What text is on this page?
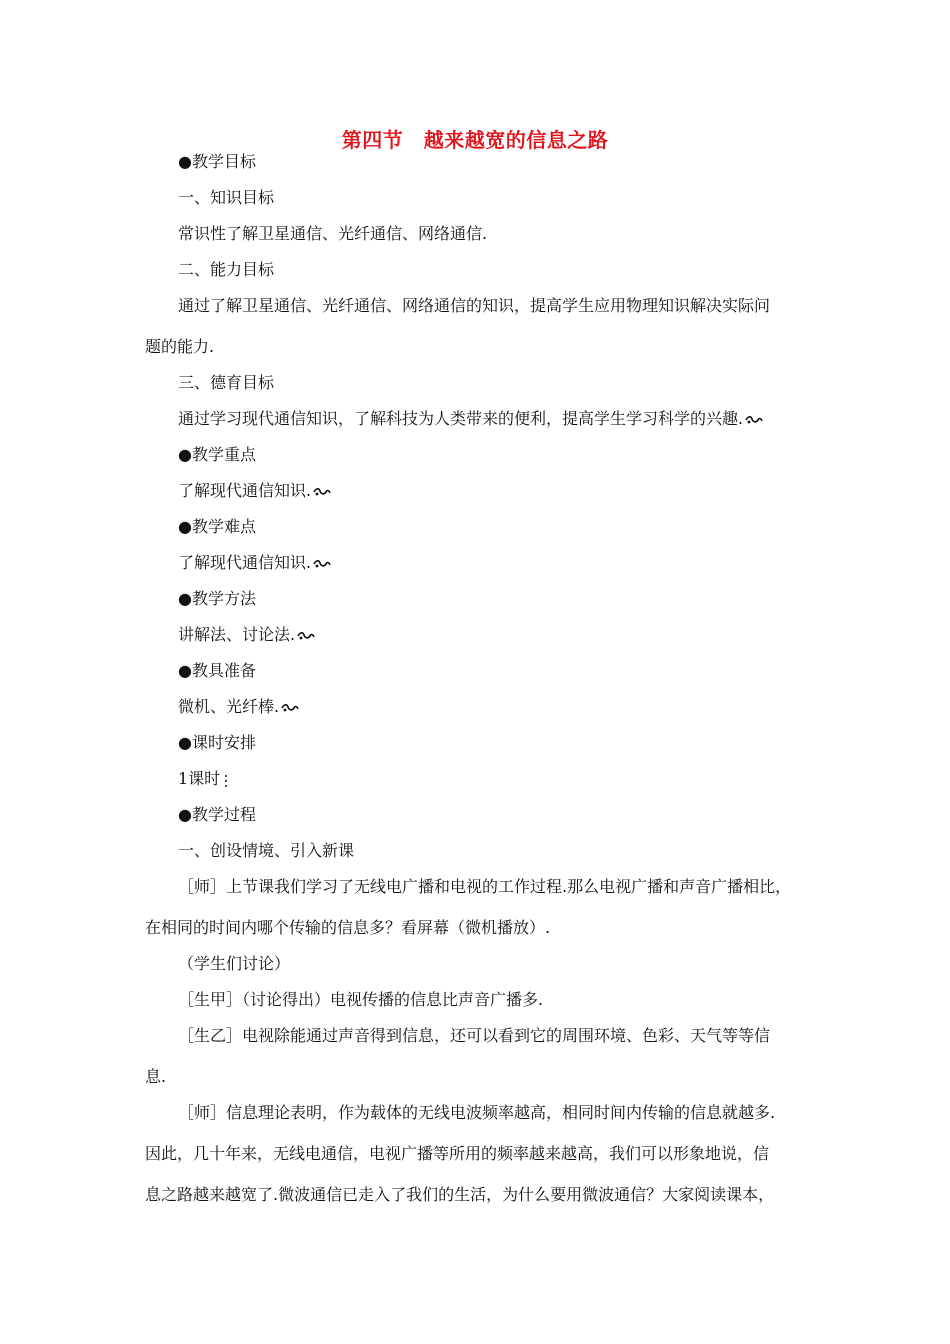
第四节　越来越宽的信息之路
●教学目标
一、知识目标
常识性了解卫星通信、光纤通信、网络通信.
二、能力目标
通过了解卫星通信、光纤通信、网络通信的知识，提高学生应用物理知识解决实际问
题的能力.
三、德育目标
通过学习现代通信知识，了解科技为人类带来的便利，提高学生学习科学的兴趣.
●教学重点
了解现代通信知识.
●教学难点
了解现代通信知识.
●教学方法
讲解法、讨论法.
●教具准备
微机、光纤棒.
●课时安排
1课时
●教学过程
一、创设情境、引入新课
［师］上节课我们学习了无线电广播和电视的工作过程.那么电视广播和声音广播相比，
在相同的时间内哪个传输的信息多？看屏幕（微机播放）.
（学生们讨论）
［生甲］（讨论得出）电视传播的信息比声音广播多.
［生乙］电视除能通过声音得到信息，还可以看到它的周围环境、色彩、天气等等信
息.
［师］信息理论表明，作为载体的无线电波频率越高，相同时间内传输的信息就越多.
因此，几十年来，无线电通信，电视广播等所用的频率越来越高，我们可以形象地说，信
息之路越来越宽了.微波通信已走入了我们的生活，为什么要用微波通信？大家阅读课本，
